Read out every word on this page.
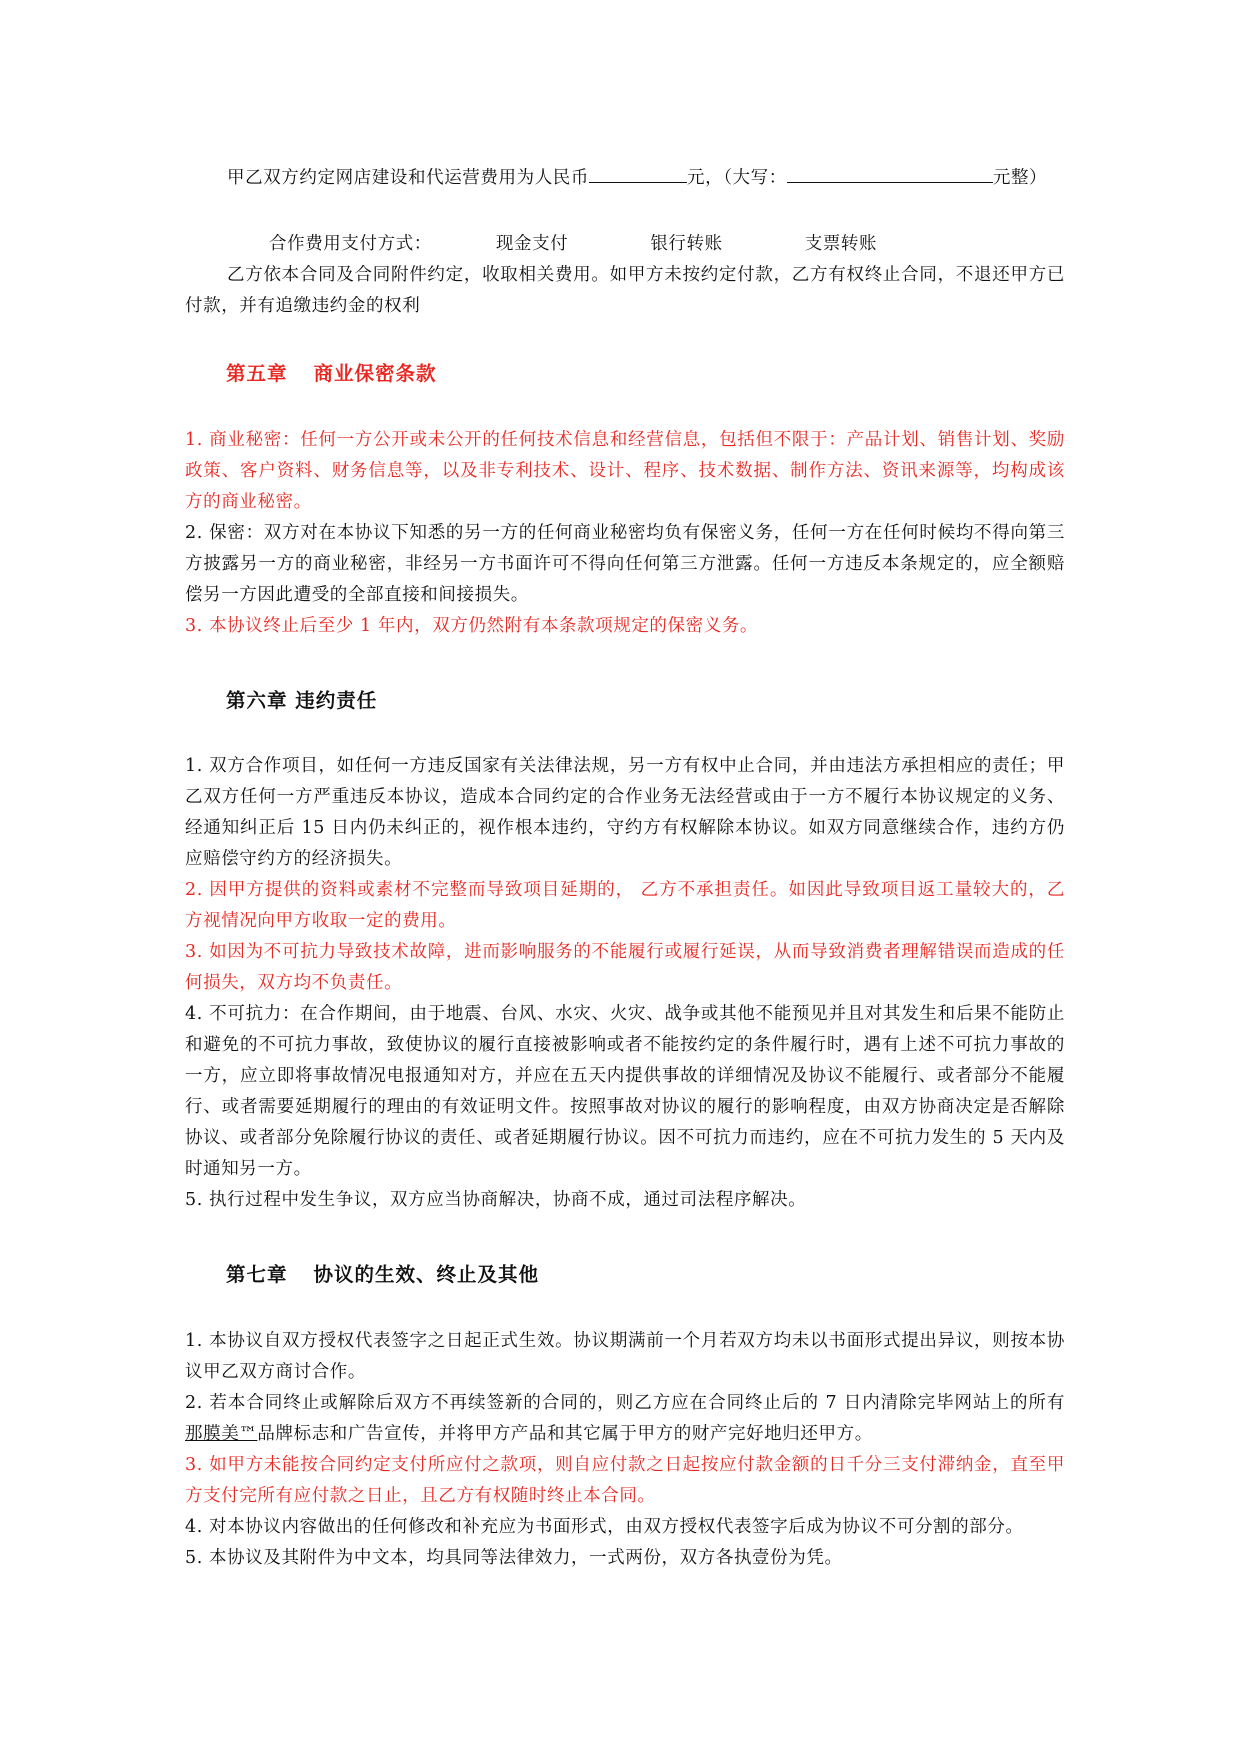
甲乙双方约定网店建设和代运营费用为人民币	元，（大写：	元整）

合作费用支付方式：	现金支付	银行转账	支票转账

乙方依本合同及合同附件约定，收取相关费用。如甲方未按约定付款，乙方有权终止合同，不退还甲方已付款，并有追缴违约金的权利

第五章 商业保密条款

1. 商业秘密：任何一方公开或未公开的任何技术信息和经营信息，包括但不限于：产品计划、销售计划、奖励政策、客户资料、财务信息等，以及非专利技术、设计、程序、技术数据、制作方法、资讯来源等，均构成该方的商业秘密。

2. 保密：双方对在本协议下知悉的另一方的任何商业秘密均负有保密义务，任何一方在任何时候均不得向第三方披露另一方的商业秘密，非经另一方书面许可不得向任何第三方泄露。任何一方违反本条规定的，应全额赔偿另一方因此遭受的全部直接和间接损失。

3. 本协议终止后至少 1 年内，双方仍然附有本条款项规定的保密义务。

第六章 违约责任

1. 双方合作项目，如任何一方违反国家有关法律法规，另一方有权中止合同，并由违法方承担相应的责任；甲乙双方任何一方严重违反本协议，造成本合同约定的合作业务无法经营或由于一方不履行本协议规定的义务、经通知纠正后 15 日内仍未纠正的，视作根本违约，守约方有权解除本协议。如双方同意继续合作，违约方仍应赔偿守约方的经济损失。

2. 因甲方提供的资料或素材不完整而导致项目延期的， 乙方不承担责任。如因此导致项目返工量较大的，乙方视情况向甲方收取一定的费用。

3. 如因为不可抗力导致技术故障，进而影响服务的不能履行或履行延误，从而导致消费者理解错误而造成的任何损失，双方均不负责任。

4. 不可抗力：在合作期间，由于地震、台风、水灾、火灾、战争或其他不能预见并且对其发生和后果不能防止和避免的不可抗力事故，致使协议的履行直接被影响或者不能按约定的条件履行时，遇有上述不可抗力事故的一方，应立即将事故情况电报通知对方，并应在五天内提供事故的详细情况及协议不能履行、或者部分不能履行、或者需要延期履行的理由的有效证明文件。按照事故对协议的履行的影响程度，由双方协商决定是否解除协议、或者部分免除履行协议的责任、或者延期履行协议。因不可抗力而违约，应在不可抗力发生的 5 天内及时通知另一方。

5. 执行过程中发生争议，双方应当协商解决，协商不成，通过司法程序解决。

第七章 协议的生效、终止及其他

1. 本协议自双方授权代表签字之日起正式生效。协议期满前一个月若双方均未以书面形式提出异议，则按本协议甲乙双方商讨合作。

2. 若本合同终止或解除后双方不再续签新的合同的，则乙方应在合同终止后的 7 日内清除完毕网站上的所有那膜美™品牌标志和广告宣传，并将甲方产品和其它属于甲方的财产完好地归还甲方。

3. 如甲方未能按合同约定支付所应付之款项，则自应付款之日起按应付款金额的日千分三支付滞纳金，直至甲方支付完所有应付款之日止，且乙方有权随时终止本合同。

4. 对本协议内容做出的任何修改和补充应为书面形式，由双方授权代表签字后成为协议不可分割的部分。

5. 本协议及其附件为中文本，均具同等法律效力，一式两份，双方各执壹份为凭。
